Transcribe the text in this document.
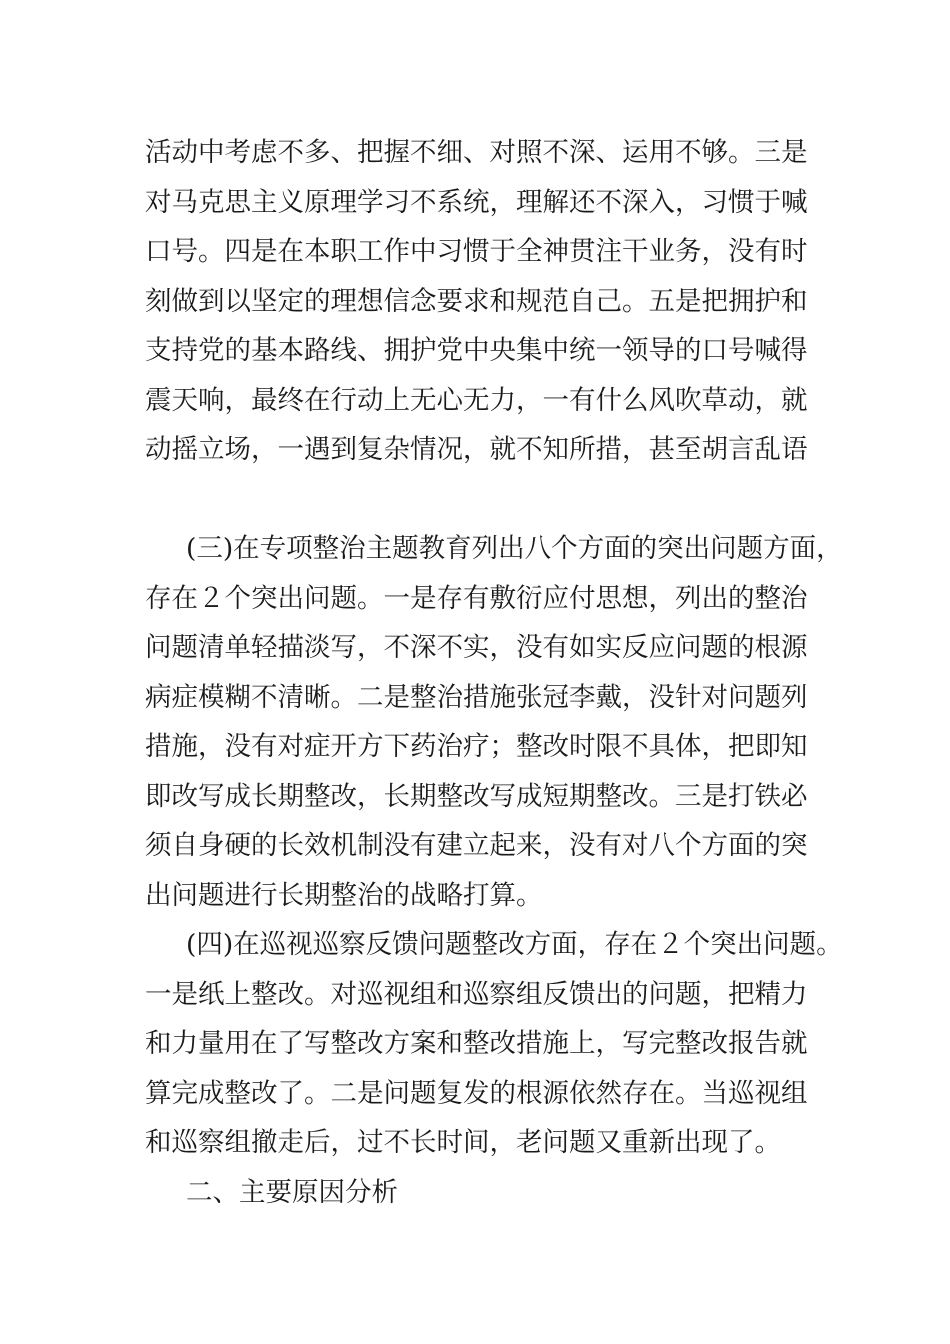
活动中考虑不多、把握不细、对照不深、运用不够。三是
对马克思主义原理学习不系统，理解还不深入，习惯于喊
口号。四是在本职工作中习惯于全神贯注干业务，没有时
刻做到以坚定的理想信念要求和规范自己。五是把拥护和
支持党的基本路线、拥护党中央集中统一领导的口号喊得
震天响，最终在行动上无心无力，一有什么风吹草动，就
动摇立场，一遇到复杂情况，就不知所措，甚至胡言乱语
(三)在专项整治主题教育列出八个方面的突出问题方面，
存在２个突出问题。一是存有敷衍应付思想，列出的整治
问题清单轻描淡写，不深不实，没有如实反应问题的根源
病症模糊不清晰。二是整治措施张冠李戴，没针对问题列
措施，没有对症开方下药治疗；整改时限不具体，把即知
即改写成长期整改，长期整改写成短期整改。三是打铁必
须自身硬的长效机制没有建立起来，没有对八个方面的突
出问题进行长期整治的战略打算。
(四)在巡视巡察反馈问题整改方面，存在２个突出问题。
一是纸上整改。对巡视组和巡察组反馈出的问题，把精力
和力量用在了写整改方案和整改措施上，写完整改报告就
算完成整改了。二是问题复发的根源依然存在。当巡视组
和巡察组撤走后，过不长时间，老问题又重新出现了。
二、主要原因分析
